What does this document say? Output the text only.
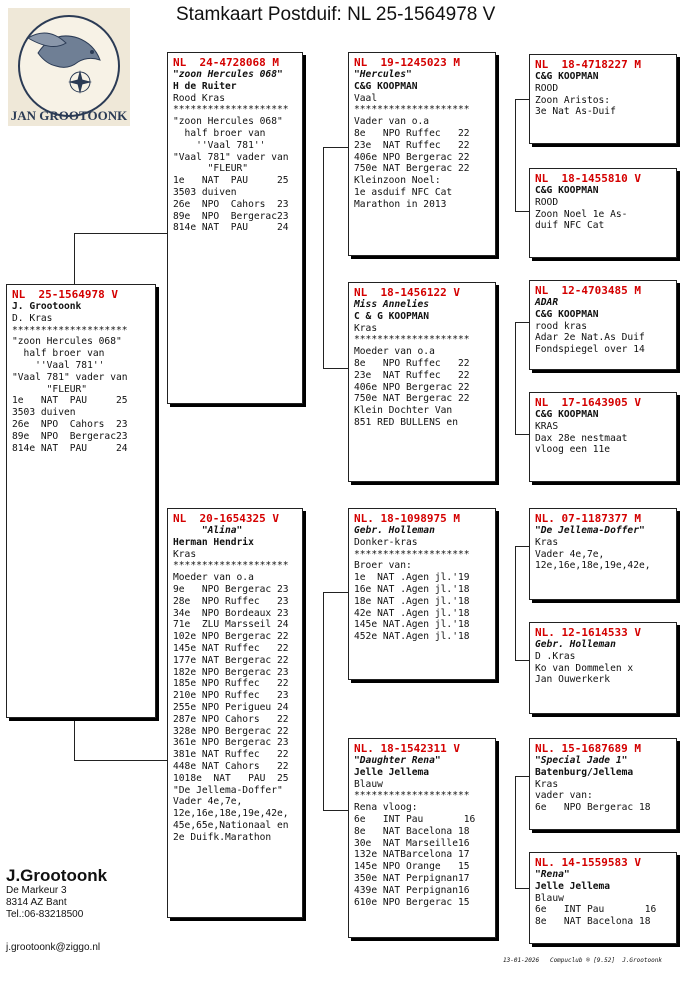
Stamkaart Postduif: NL 25-1564978 V
JAN GROOTOONK
NL  25-1564978 V
J. Grootoonk
D. Kras
********************
"zoon Hercules 068"
half broer van
''Vaal 781''
"Vaal 781" vader van
"FLEUR"
1e   NAT  PAU     25
3503 duiven
26e  NPO  Cahors  23
89e  NPO  Bergerac23
814e NAT  PAU     24
NL  24-4728068 M
"zoon Hercules 068"
H de Ruiter
Rood Kras
********************
"zoon Hercules 068"
half broer van
''Vaal 781''
"Vaal 781" vader van
"FLEUR"
1e   NAT  PAU     25
3503 duiven
26e  NPO  Cahors  23
89e  NPO  Bergerac23
814e NAT  PAU     24
NL  20-1654325 V
"Alina"
Herman Hendrix
Kras
********************
Moeder van o.a
9e   NPO Bergerac 23
28e  NPO Ruffec   23
34e  NPO Bordeaux 23
71e  ZLU Marsseil 24
102e NPO Bergerac 22
145e NAT Ruffec   22
177e NAT Bergerac 22
182e NPO Bergerac 23
185e NPO Ruffec   22
210e NPO Ruffec   23
255e NPO Perigueu 24
287e NPO Cahors   22
328e NPO Bergerac 22
361e NPO Bergerac 23
381e NAT Ruffec   22
448e NAT Cahors   22
1018e  NAT   PAU  25
"De Jellema-Doffer"
Vader 4e,7e,
12e,16e,18e,19e,42e,
45e,65e,Nationaal en
2e Duifk.Marathon
NL  19-1245023 M
"Hercules"
C&G KOOPMAN
Vaal
********************
Vader van o.a
8e   NPO Ruffec   22
23e  NAT Ruffec   22
406e NPO Bergerac 22
750e NAT Bergerac 22
Kleinzoon Noel:
1e asduif NFC Cat
Marathon in 2013
NL  18-1456122 V
Miss Annelies
C & G KOOPMAN
Kras
********************
Moeder van o.a
8e   NPO Ruffec   22
23e  NAT Ruffec   22
406e NPO Bergerac 22
750e NAT Bergerac 22
Klein Dochter Van
851 RED BULLENS en
NL. 18-1098975 M
Gebr. Holleman
Donker-kras
********************
Broer van:
1e  NAT .Agen jl.'19
16e NAT .Agen jl.'18
18e NAT .Agen jl.'18
42e NAT .Agen jl.'18
145e NAT.Agen jl.'18
452e NAT.Agen jl.'18
NL. 18-1542311 V
"Daughter Rena"
Jelle Jellema
Blauw
********************
Rena vloog:
6e   INT Pau       16
8e   NAT Bacelona 18
30e  NAT Marseille16
132e NATBarcelona 17
145e NPO Orange   15
350e NAT Perpignan17
439e NAT Perpignan16
610e NPO Bergerac 15
NL  18-4718227 M
C&G KOOPMAN
ROOD
Zoon Aristos:
3e Nat As-Duif
NL  18-1455810 V
C&G KOOPMAN
ROOD
Zoon Noel 1e As-
duif NFC Cat
NL  12-4703485 M
ADAR
C&G KOOPMAN
rood kras
Adar 2e Nat.As Duif
Fondspiegel over 14
NL  17-1643905 V
C&G KOOPMAN
KRAS
Dax 28e nestmaat
vloog een 11e
NL. 07-1187377 M
"De Jellema-Doffer"
Kras
Vader 4e,7e,
12e,16e,18e,19e,42e,
NL. 12-1614533 V
Gebr. Holleman
D .Kras
Ko van Dommelen x
Jan Ouwerkerk
NL. 15-1687689 M
"Special Jade 1"
Batenburg/Jellema
Kras
vader van:
6e   NPO Bergerac 18
NL. 14-1559583 V
"Rena"
Jelle Jellema
Blauw
6e   INT Pau       16
8e   NAT Bacelona 18
J.Grootoonk
De Markeur 3
8314 AZ Bant
Tel.:06-83218500
j.grootoonk@ziggo.nl
13-01-2026   Compuclub ® [9.52]  J.Grootoonk
